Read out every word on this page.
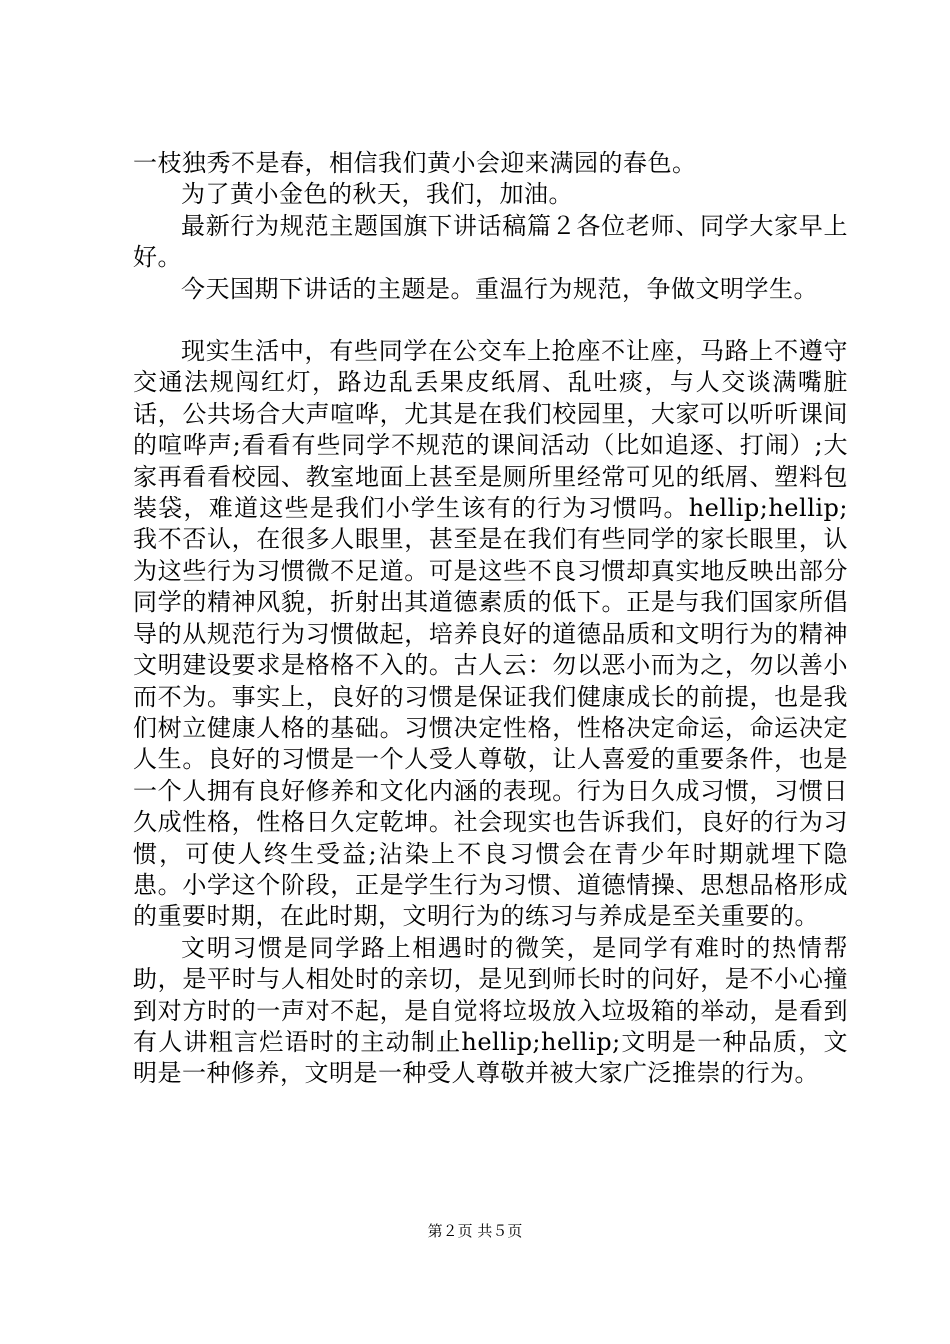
一枝独秀不是春，相信我们黄小会迎来满园的春色。

为了黄小金色的秋天，我们，加油。

最新行为规范主题国旗下讲话稿篇２各位老师、同学大家早上好。

今天国期下讲话的主题是。重温行为规范，争做文明学生。

现实生活中，有些同学在公交车上抢座不让座，马路上不遵守交通法规闯红灯，路边乱丢果皮纸屑、乱吐痰，与人交谈满嘴脏话，公共场合大声喧哗，尤其是在我们校园里，大家可以听听课间的喧哗声;看看有些同学不规范的课间活动（比如追逐、打闹）;大家再看看校园、教室地面上甚至是厕所里经常可见的纸屑、塑料包装袋，难道这些是我们小学生该有的行为习惯吗。hellip;hellip;我不否认，在很多人眼里，甚至是在我们有些同学的家长眼里，认为这些行为习惯微不足道。可是这些不良习惯却真实地反映出部分同学的精神风貌，折射出其道德素质的低下。正是与我们国家所倡导的从规范行为习惯做起，培养良好的道德品质和文明行为的精神文明建设要求是格格不入的。古人云：勿以恶小而为之，勿以善小而不为。事实上，良好的习惯是保证我们健康成长的前提，也是我们树立健康人格的基础。习惯决定性格，性格决定命运，命运决定人生。良好的习惯是一个人受人尊敬，让人喜爱的重要条件，也是一个人拥有良好修养和文化内涵的表现。行为日久成习惯，习惯日久成性格，性格日久定乾坤。社会现实也告诉我们，良好的行为习惯，可使人终生受益;沾染上不良习惯会在青少年时期就埋下隐患。小学这个阶段，正是学生行为习惯、道德情操、思想品格形成的重要时期，在此时期，文明行为的练习与养成是至关重要的。

文明习惯是同学路上相遇时的微笑，是同学有难时的热情帮助，是平时与人相处时的亲切，是见到师长时的问好，是不小心撞到对方时的一声对不起，是自觉将垃圾放入垃圾箱的举动，是看到有人讲粗言烂语时的主动制止hellip;hellip;文明是一种品质，文明是一种修养，文明是一种受人尊敬并被大家广泛推崇的行为。

第２页 共５页
